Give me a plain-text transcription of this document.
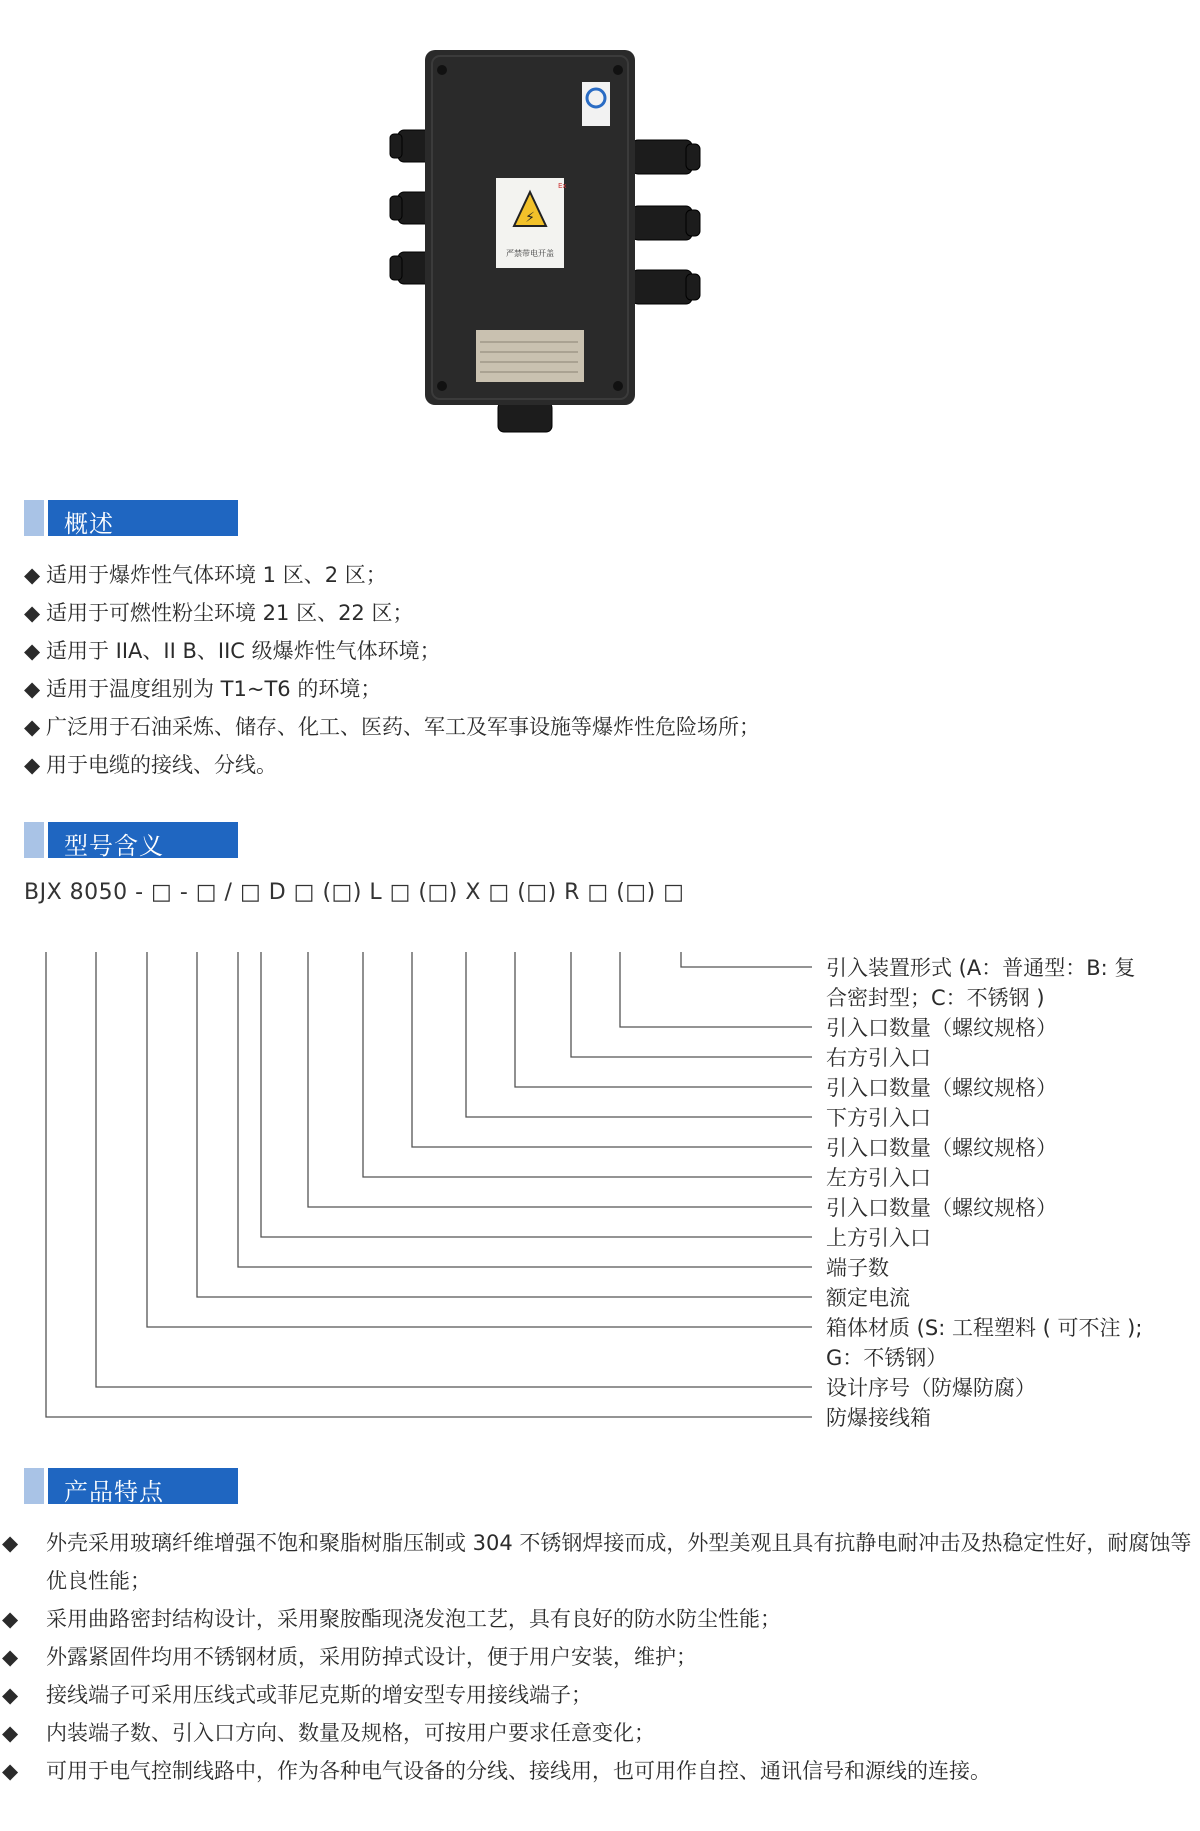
⚡
严禁带电开盖
Ex
概述
◆ 适用于爆炸性气体环境 1 区、2 区；
◆ 适用于可燃性粉尘环境 21 区、22 区；
◆ 适用于 IIA、II B、IIC 级爆炸性气体环境；
◆ 适用于温度组别为 T1~T6 的环境；
◆ 广泛用于石油采炼、储存、化工、医药、军工及军事设施等爆炸性危险场所；
◆ 用于电缆的接线、分线。
型号含义
BJX 8050 - □ - □ / □ D □ (□) L □ (□) X □ (□) R □ (□) □
引入装置形式 (A：普通型：B: 复
合密封型；C：不锈钢 )
引入口数量（螺纹规格）
右方引入口
引入口数量（螺纹规格）
下方引入口
引入口数量（螺纹规格）
左方引入口
引入口数量（螺纹规格）
上方引入口
端子数
额定电流
箱体材质 (S: 工程塑料 ( 可不注 );
G：不锈钢）
设计序号（防爆防腐）
防爆接线箱
产品特点
◆ 外壳采用玻璃纤维增强不饱和聚脂树脂压制或 304 不锈钢焊接而成，外型美观且具有抗静电耐冲击及热稳定性好，耐腐蚀等优良性能；
◆ 采用曲路密封结构设计，采用聚胺酯现浇发泡工艺，具有良好的防水防尘性能；
◆ 外露紧固件均用不锈钢材质，采用防掉式设计，便于用户安装，维护；
◆ 接线端子可采用压线式或菲尼克斯的增安型专用接线端子；
◆ 内装端子数、引入口方向、数量及规格，可按用户要求任意变化；
◆ 可用于电气控制线路中，作为各种电气设备的分线、接线用，也可用作自控、通讯信号和源线的连接。
